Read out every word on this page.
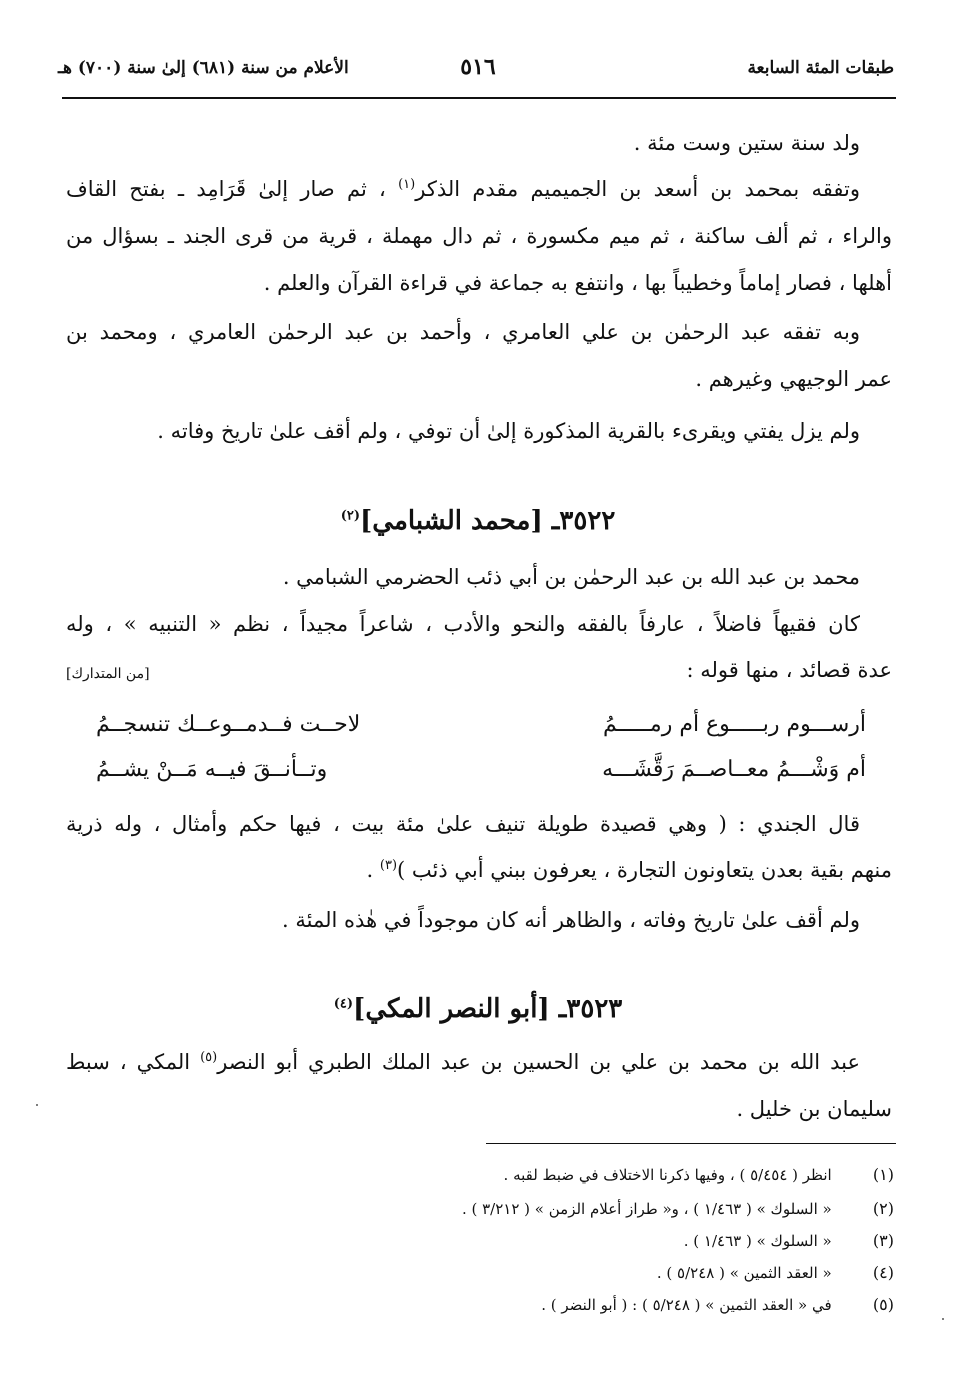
طبقات المئة السابعة
٥١٦
الأعلام من سنة (٦٨١) إلىٰ سنة (٧٠٠) هـ
ولد سنة ستين وست مئة .
وتفقه بمحمد بن أسعد بن الجميميم مقدم الذكر$^{(١)}$ ، ثم صار إلىٰ قَرَامِد ـ بفتح القاف
والراء ، ثم ألف ساكنة ، ثم ميم مكسورة ، ثم دال مهملة ، قرية من قرى الجند ـ بسؤال من
أهلها ، فصار إماماً وخطيباً بها ، وانتفع به جماعة في قراءة القرآن والعلم .
وبه تفقه عبد الرحمٰن بن علي العامري ، وأحمد بن عبد الرحمٰن العامري ، ومحمد بن
عمر الوجيهي وغيرهم .
ولم يزل يفتي ويقرىء بالقرية المذكورة إلىٰ أن توفي ، ولم أقف علىٰ تاريخ وفاته .
٣٥٢٢ـ [محمد الشبامي]$^{(٢)}$
محمد بن عبد الله بن عبد الرحمٰن بن أبي ذئب الحضرمي الشبامي .
كان فقيهاً فاضلاً ، عارفاً بالفقه والنحو والأدب ، شاعراً مجيداً ، نظم « التنبيه » ، وله
عدة قصائد ، منها قوله :
[من المتدارك]
أرســـوم ربـــــوع أم رمـــــمُ
لاحــت فــدمــوعــك تنسجــمُ
أم وَشْـــمُ معــاصــمَ رَقَّشَـــه
وتــأنــقَ فيــه مَــنْ يشــمُ
قال الجندي : ( وهي قصيدة طويلة تنيف علىٰ مئة بيت ، فيها حكم وأمثال ، وله ذرية
منهم بقية بعدن يتعاونون التجارة ، يعرفون ببني أبي ذئب )$^{(٣)}$ .
ولم أقف علىٰ تاريخ وفاته ، والظاهر أنه كان موجوداً في هٰذه المئة .
٣٥٢٣ـ [أبو النصر المكي]$^{(٤)}$
عبد الله بن محمد بن علي بن الحسين بن عبد الملك الطبري أبو النصر$^{(٥)}$ المكي ، سبط
سليمان بن خليل .
(١)   انظر ( ٥/٤٥٤ ) ، وفيها ذكرنا الاختلاف في ضبط لقبه .
(٢)   « السلوك » ( ١/٤٦٣ ) ، و« طراز أعلام الزمن » ( ٣/٢١٢ ) .
(٣)   « السلوك » ( ١/٤٦٣ ) .
(٤)   « العقد الثمين » ( ٥/٢٤٨ ) .
(٥)   في « العقد الثمين » ( ٥/٢٤٨ ) : ( أبو النضر ) .
